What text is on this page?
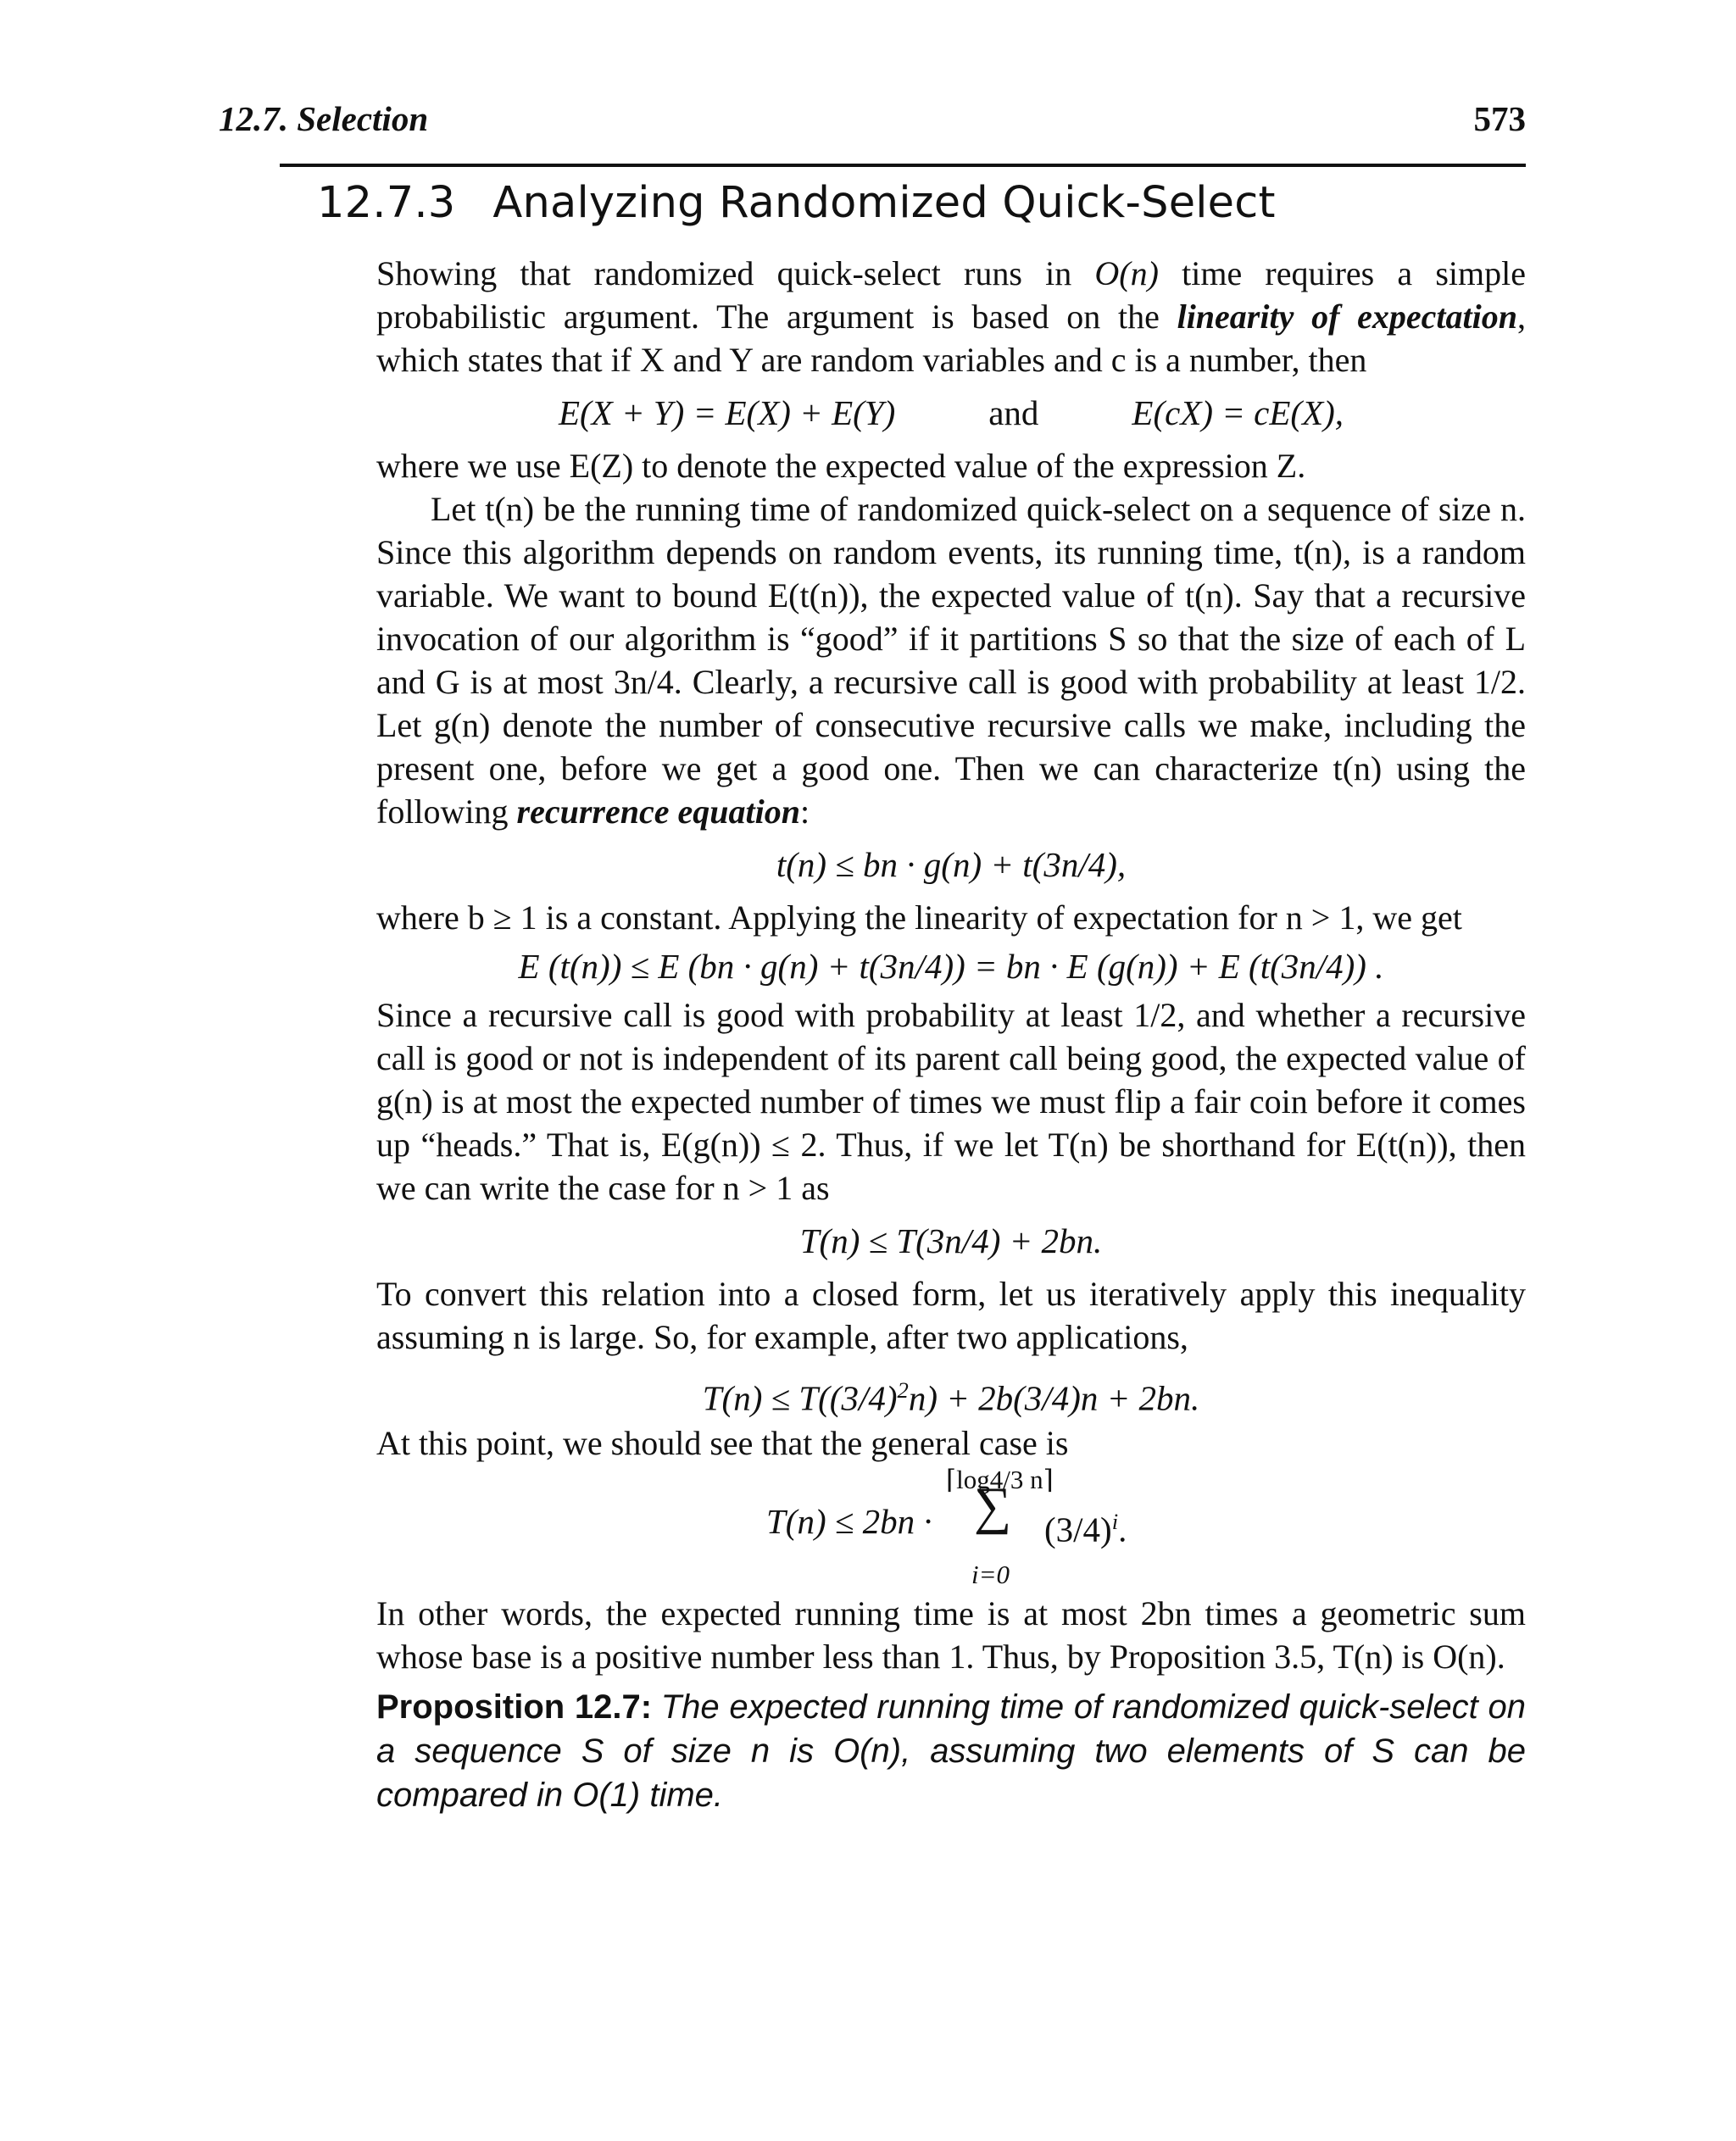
12.7. Selection	573
12.7.3 Analyzing Randomized Quick-Select

Showing that randomized quick-select runs in O(n) time requires a simple probabilistic argument. The argument is based on the linearity of expectation, which states that if X and Y are random variables and c is a number, then

E(X + Y) = E(X) + E(Y)	and	E(cX) = cE(X),

where we use E(Z) to denote the expected value of the expression Z.

Let t(n) be the running time of randomized quick-select on a sequence of size n. Since this algorithm depends on random events, its running time, t(n), is a random variable. We want to bound E(t(n)), the expected value of t(n). Say that a recursive invocation of our algorithm is “good” if it partitions S so that the size of each of L and G is at most 3n/4. Clearly, a recursive call is good with probability at least 1/2. Let g(n) denote the number of consecutive recursive calls we make, including the present one, before we get a good one. Then we can characterize t(n) using the following recurrence equation:

t(n) ≤ bn · g(n) + t(3n/4),

where b ≥ 1 is a constant. Applying the linearity of expectation for n > 1, we get

E (t(n)) ≤ E (bn · g(n) + t(3n/4)) = bn · E (g(n)) + E (t(3n/4)) .

Since a recursive call is good with probability at least 1/2, and whether a recursive call is good or not is independent of its parent call being good, the expected value of g(n) is at most the expected number of times we must flip a fair coin before it comes up “heads.” That is, E(g(n)) ≤ 2. Thus, if we let T(n) be shorthand for E(t(n)), then we can write the case for n > 1 as

T(n) ≤ T(3n/4) + 2bn.

To convert this relation into a closed form, let us iteratively apply this inequality assuming n is large. So, for example, after two applications,

$T(n) \le T((3/4)^2n) + 2b(3/4)n + 2bn$.

At this point, we should see that the general case is

T(n) ≤ 2bn ·
⌈log4/3 n⌉
∑
i=0
$(3/4)^i$.

In other words, the expected running time is at most 2bn times a geometric sum whose base is a positive number less than 1. Thus, by Proposition 3.5, T(n) is O(n).

Proposition 12.7: The expected running time of randomized quick-select on a sequence S of size n is O(n), assuming two elements of S can be compared in O(1) time.
